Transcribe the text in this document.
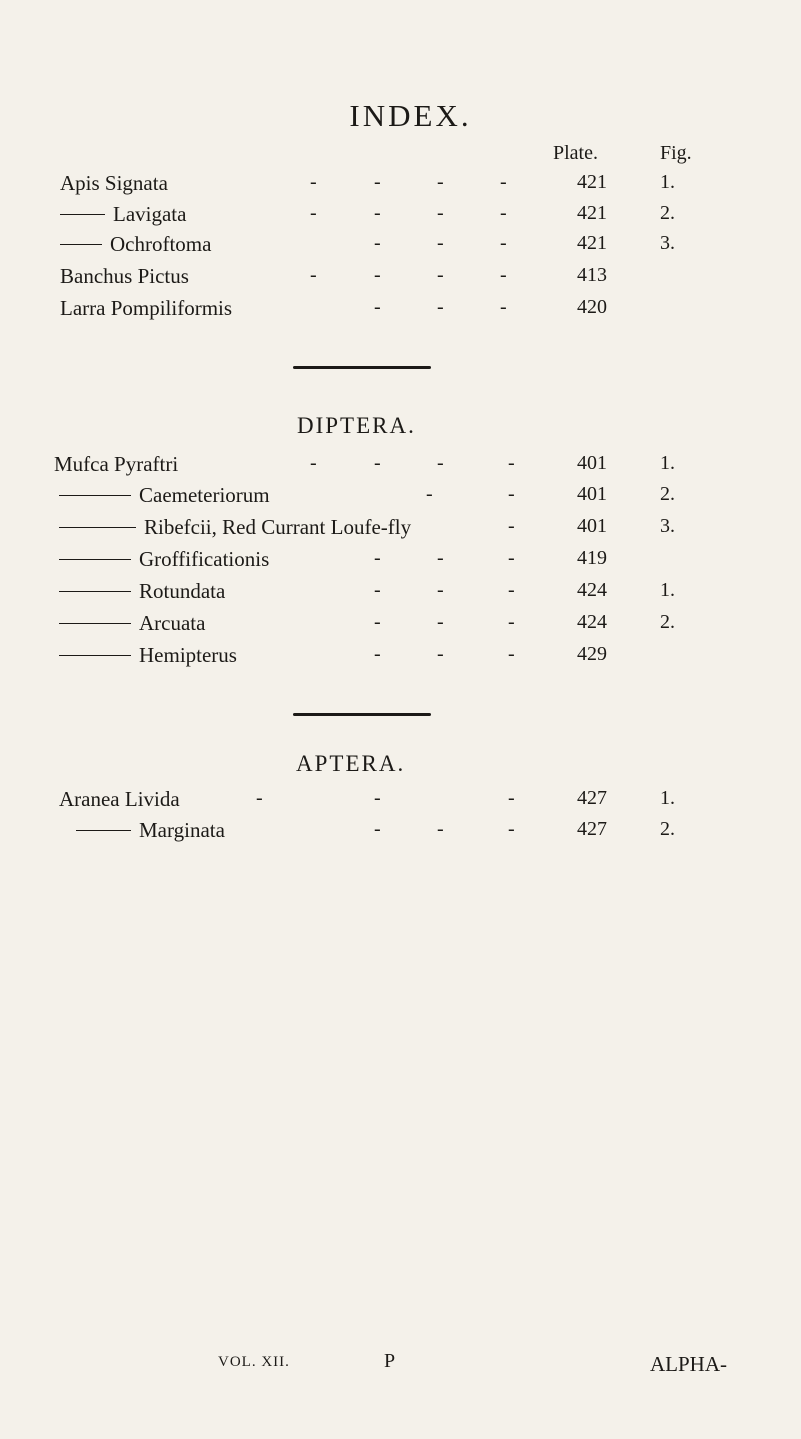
INDEX.
Plate.	Fig.
Apis Signata	-	-	-	-	421	1.
Lavigata	-	-	-	-	421	2.
Ochroftoma	-	-	-	421	3.
Banchus Pictus	-	-	-	-	413
Larra Pompiliformis	-	-	-	420
DIPTERA.
Mufca Pyraftri	-	-	-	-	401	1.
Caemeteriorum	-	-	401	2.
Ribefcii, Red Currant Loufe-fly	-	401	3.
Groffificationis	-	-	-	419
Rotundata	-	-	-	424	1.
Arcuata	-	-	-	424	2.
Hemipterus	-	-	-	429
APTERA.
Aranea Livida	-	-	-	427	1.
Marginata	-	-	-	427	2.
VOL. XII.	P	ALPHA-
